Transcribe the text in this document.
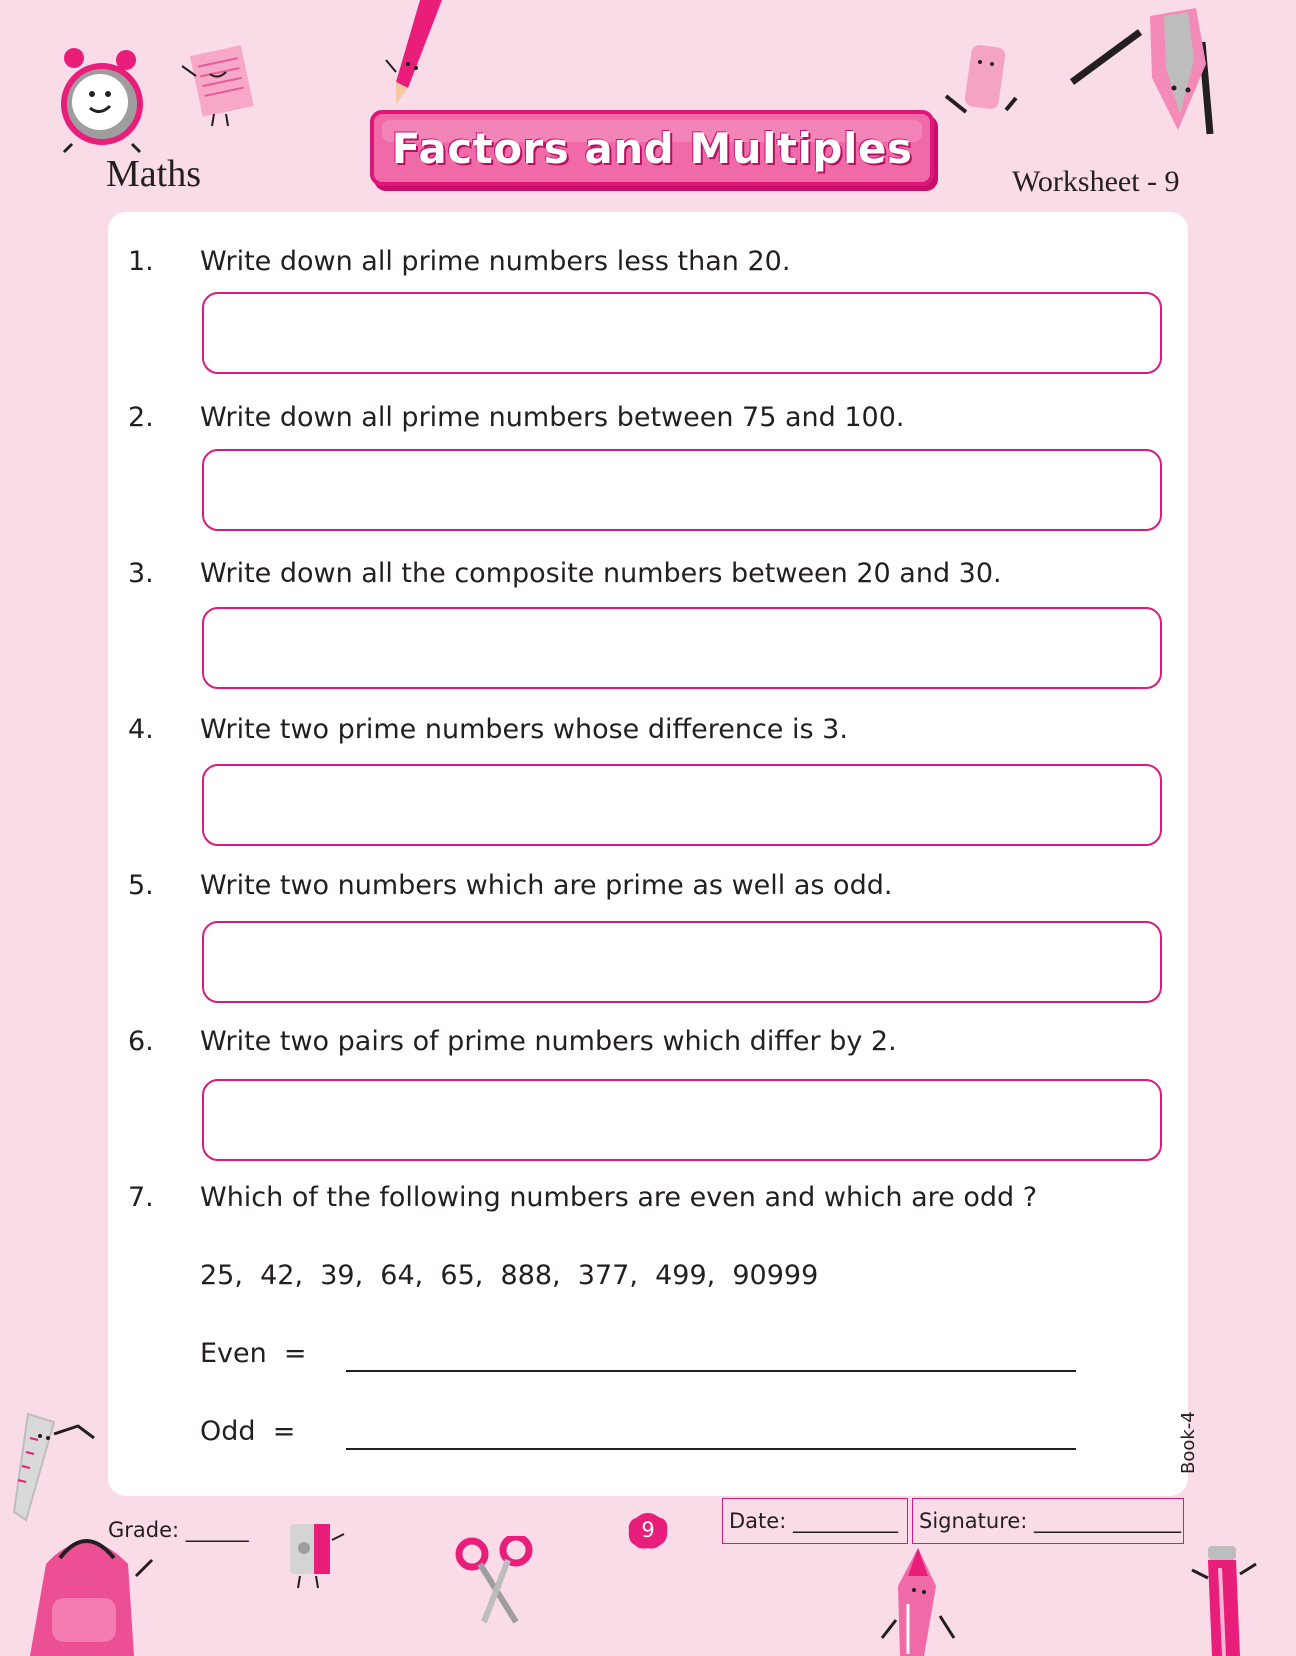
Maths
Factors and Multiples
Worksheet - 9
1. Write down all prime numbers less than 20.
2. Write down all prime numbers between 75 and 100.
3. Write down all the composite numbers between 20 and 30.
4. Write two prime numbers whose difference is 3.
5. Write two numbers which are prime as well as odd.
6. Write two pairs of prime numbers which differ by 2.
7. Which of the following numbers are even and which are odd ?
25,  42,  39,  64,  65,  888,  377,  499,  90999
Even  =
Odd  =	Book-4
Grade: ______	9	Date: __________ Signature: ______________
